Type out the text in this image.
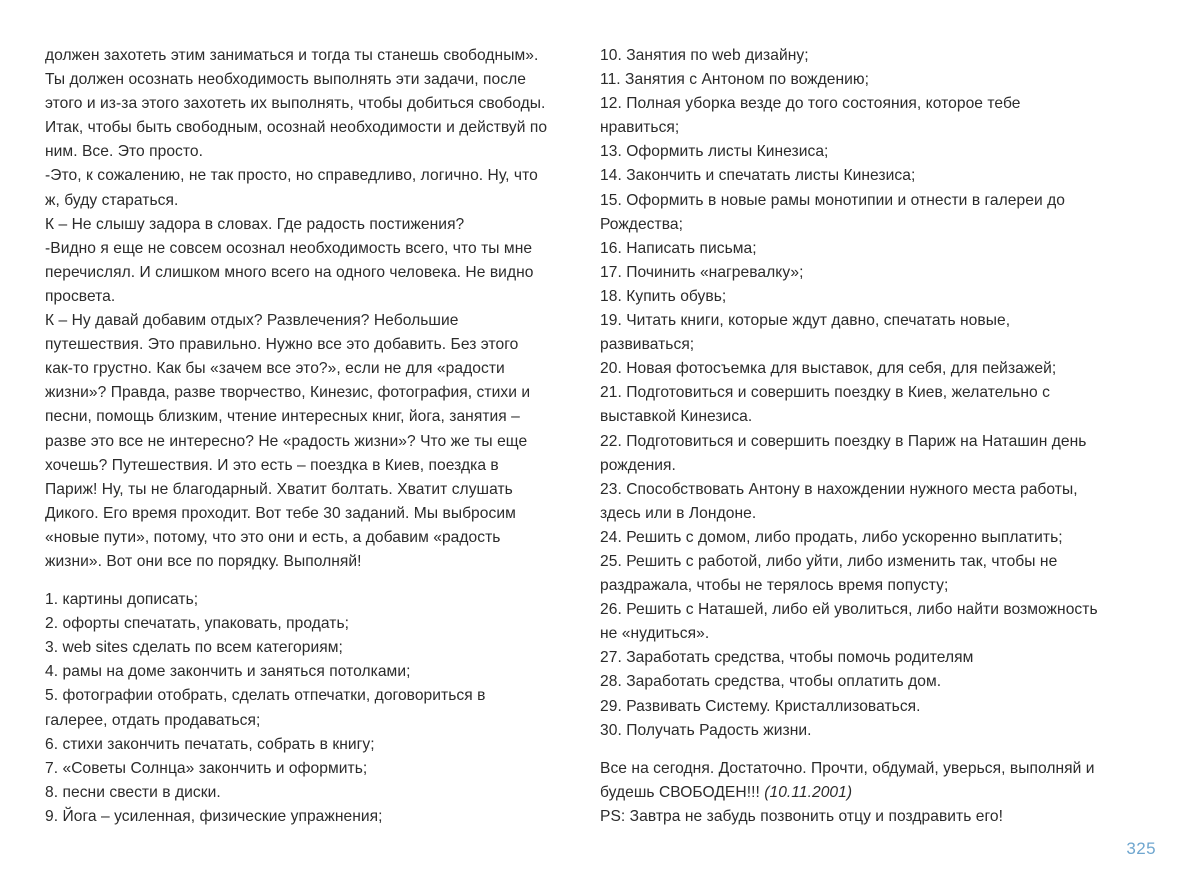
должен захотеть этим заниматься и тогда ты станешь свободным».
Ты должен осознать необходимость выполнять эти задачи, после
этого и из-за этого захотеть их выполнять, чтобы добиться свободы.
Итак, чтобы быть свободным, осознай необходимости и действуй по
ним. Все. Это просто.
-Это, к сожалению, не так просто, но справедливо, логично. Ну, что
ж, буду стараться.
К – Не слышу задора в словах. Где радость постижения?
-Видно я еще не совсем осознал необходимость всего, что ты мне
перечислял. И слишком много всего на одного человека. Не видно
просвета.
К – Ну давай добавим отдых? Развлечения? Небольшие
путешествия. Это правильно. Нужно все это добавить. Без этого
как-то грустно. Как бы «зачем все это?», если не для «радости
жизни»? Правда, разве творчество, Кинезис, фотография, стихи и
песни, помощь близким, чтение интересных книг, йога, занятия –
разве это все не интересно? Не «радость жизни»? Что же ты еще
хочешь? Путешествия. И это есть – поездка в Киев, поездка в
Париж! Ну, ты не благодарный. Хватит болтать. Хватит слушать
Дикого. Его время проходит. Вот тебе 30 заданий. Мы выбросим
«новые пути», потому, что это они и есть, а добавим «радость
жизни». Вот они все по порядку. Выполняй!
1. картины дописать;
2. офорты спечатать, упаковать, продать;
3. web sites сделать по всем категориям;
4. рамы на доме закончить и заняться потолками;
5. фотографии отобрать, сделать отпечатки, договориться в
галерее, отдать продаваться;
6. стихи закончить печатать, собрать в книгу;
7. «Советы Солнца» закончить и оформить;
8. песни свести в диски.
9. Йога – усиленная, физические упражнения;
10. Занятия по web дизайну;
11. Занятия с Антоном по вождению;
12. Полная уборка везде до того состояния, которое тебе
нравиться;
13. Оформить листы Кинезиса;
14. Закончить и спечатать листы Кинезиса;
15. Оформить в новые рамы монотипии и отнести в галереи до
Рождества;
16. Написать письма;
17. Починить «нагревалку»;
18. Купить обувь;
19. Читать книги, которые ждут давно, спечатать новые,
развиваться;
20. Новая фотосъемка для выставок, для себя, для пейзажей;
21. Подготовиться и совершить поездку в Киев, желательно с
выставкой Кинезиса.
22. Подготовиться и совершить поездку в Париж на Наташин день
рождения.
23. Способствовать Антону в нахождении нужного места работы,
здесь или в Лондоне.
24. Решить с домом, либо продать, либо ускоренно выплатить;
25. Решить с работой, либо уйти, либо изменить так, чтобы не
раздражала, чтобы не терялось время попусту;
26. Решить с Наташей, либо ей уволиться, либо найти возможность
не «нудиться».
27. Заработать средства, чтобы помочь родителям
28. Заработать средства, чтобы оплатить дом.
29. Развивать Систему. Кристаллизоваться.
30. Получать Радость жизни.
Все на сегодня. Достаточно. Прочти, обдумай, уверься, выполняй и
будешь СВОБОДЕН!!! (10.11.2001)
PS: Завтра не забудь позвонить отцу и поздравить его!
325
